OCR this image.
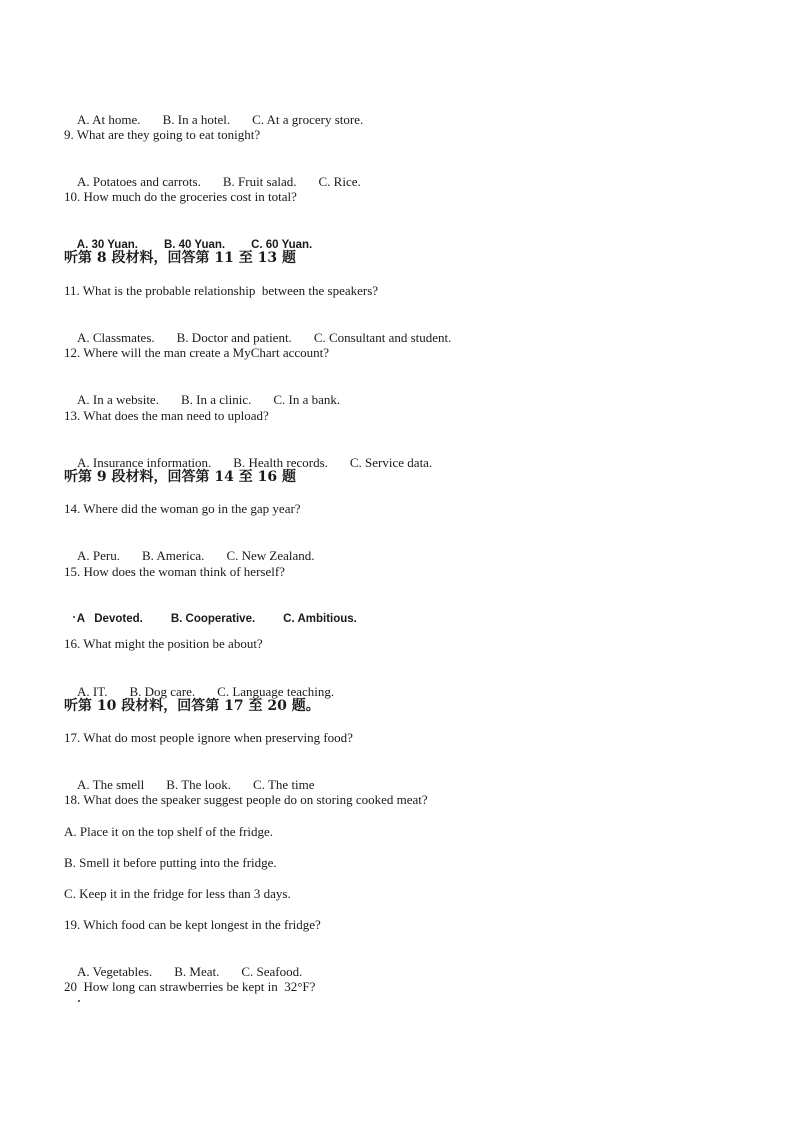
A. At home. B. In a hotel. C. At a grocery store.

9. What are they going to eat tonight?

A. Potatoes and carrots. B. Fruit salad. C. Rice.

10. How much do the groceries cost in total?

A. 30 Yuan. B. 40 Yuan. C. 60 Yuan.

听第 8 段材料，回答第 11 至 13 题
11. What is the probable relationship  between the speakers?

A. Classmates. B. Doctor and patient. C. Consultant and student.

12. Where will the man create a MyChart account?

A. In a website. B. In a clinic. C. In a bank.

13. What does the man need to upload?

A. Insurance information. B. Health records. C. Service data.

听第 9 段材料，回答第 14 至 16 题
14. Where did the woman go in the gap year?

A. Peru. B. America. C. New Zealand.

15. How does the woman think of herself?

A   Devoted. B. Cooperative. C. Ambitious.

16. What might the position be about?

A. IT. B. Dog care. C. Language teaching.

听第 10 段材料，回答第 17 至 20 题。
17. What do most people ignore when preserving food?

A. The smell B. The look. C. The time

18. What does the speaker suggest people do on storing cooked meat?
A. Place it on the top shelf of the fridge.
B. Smell it before putting into the fridge.
C. Keep it in the fridge for less than 3 days.
19. Which food can be kept longest in the fridge?

A. Vegetables. B. Meat. C. Seafood.

20  How long can strawberries be kept in  32°F?
